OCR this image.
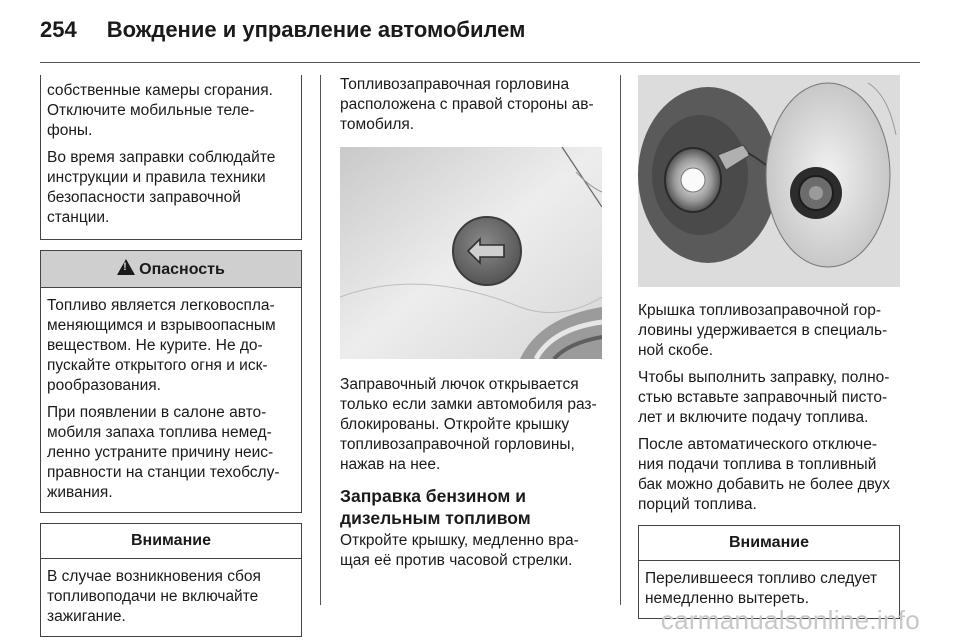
254 Вождение и управление автомобилем

собственные камеры сгорания. Отключите мобильные теле-фоны.

Во время заправки соблюдайте инструкции и правила техники безопасности заправочной станции.

!Опасность

Топливо является легковоспла-меняющимся и взрывоопасным веществом. Не курите. Не до-пускайте открытого огня и иск-рообразования.

При появлении в салоне авто-мобиля запаха топлива немед-ленно устраните причину неис-правности на станции техобслу-живания.

Внимание

В случае возникновения сбоя топливоподачи не включайте зажигание.

Топливозаправочная горловина расположена с правой стороны ав-томобиля.

Заправочный лючок открывается только если замки автомобиля раз-блокированы. Откройте крышку топливозаправочной горловины, нажав на нее.

Заправка бензином и дизельным топливом

Откройте крышку, медленно вра-щая её против часовой стрелки.

Крышка топливозаправочной гор-ловины удерживается в специаль-ной скобе.

Чтобы выполнить заправку, полно-стью вставьте заправочный писто-лет и включите подачу топлива.

После автоматического отключе-ния подачи топлива в топливный бак можно добавить не более двух порций топлива.

Внимание

Перелившееся топливо следует немедленно вытереть.

carmanualsonline.info
